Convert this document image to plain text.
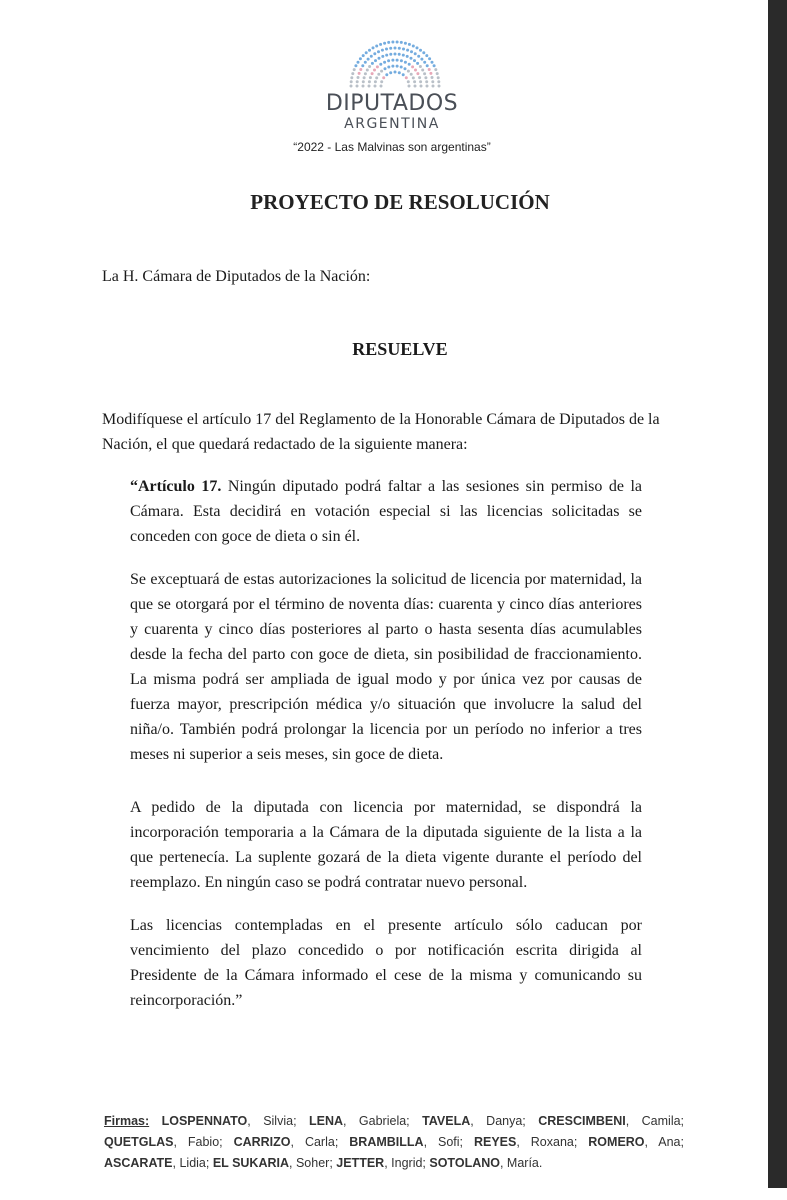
DIPUTADOS
ARGENTINA
“2022 - Las Malvinas son argentinas”
PROYECTO DE RESOLUCIÓN
La H. Cámara de Diputados de la Nación:
RESUELVE
Modifíquese el artículo 17 del Reglamento de la Honorable Cámara de Diputados de la Nación, el que quedará redactado de la siguiente manera:

“Artículo 17. Ningún diputado podrá faltar a las sesiones sin permiso de la Cámara. Esta decidirá en votación especial si las licencias solicitadas se conceden con goce de dieta o sin él.

Se exceptuará de estas autorizaciones la solicitud de licencia por maternidad, la que se otorgará por el término de noventa días: cuarenta y cinco días anteriores y cuarenta y cinco días posteriores al parto o hasta sesenta días acumulables desde la fecha del parto con goce de dieta, sin posibilidad de fraccionamiento. La misma podrá ser ampliada de igual modo y por única vez por causas de fuerza mayor, prescripción médica y/o situación que involucre la salud del niña/o. También podrá prolongar la licencia por un período no inferior a tres meses ni superior a seis meses, sin goce de dieta.

A pedido de la diputada con licencia por maternidad, se dispondrá la incorporación temporaria a la Cámara de la diputada siguiente de la lista a la que pertenecía. La suplente gozará de la dieta vigente durante el período del reemplazo. En ningún caso se podrá contratar nuevo personal.

Las licencias contempladas en el presente artículo sólo caducan por vencimiento del plazo concedido o por notificación escrita dirigida al Presidente de la Cámara informado el cese de la misma y comunicando su reincorporación.”

Firmas: LOSPENNATO, Silvia; LENA, Gabriela; TAVELA, Danya; CRESCIMBENI, Camila; QUETGLAS, Fabio; CARRIZO, Carla; BRAMBILLA, Sofi; REYES, Roxana; ROMERO, Ana; ASCARATE, Lidia; EL SUKARIA, Soher; JETTER, Ingrid; SOTOLANO, María.
